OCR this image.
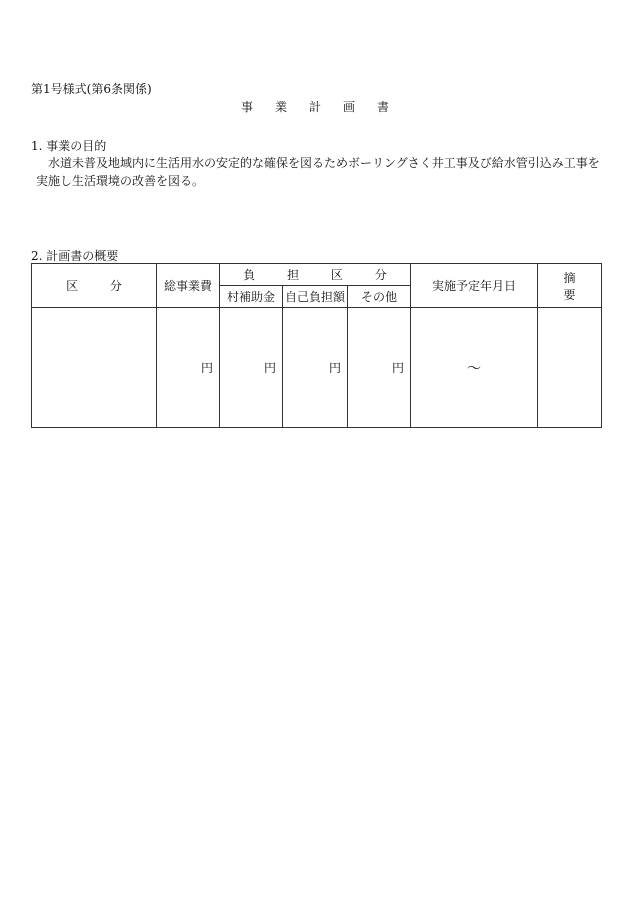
第1号様式(第6条関係)
事業計画書
1. 事業の目的
水道未普及地域内に生活用水の安定的な確保を図るためボーリングさく井工事及び給水管引込み工事を実施し生活環境の改善を図る。
2. 計画書の概要
区 分	総事業費	負 担 区 分			実施予定年月日	摘 要
		村補助金	自己負担額	その他		
	円	円	円	円	～	
